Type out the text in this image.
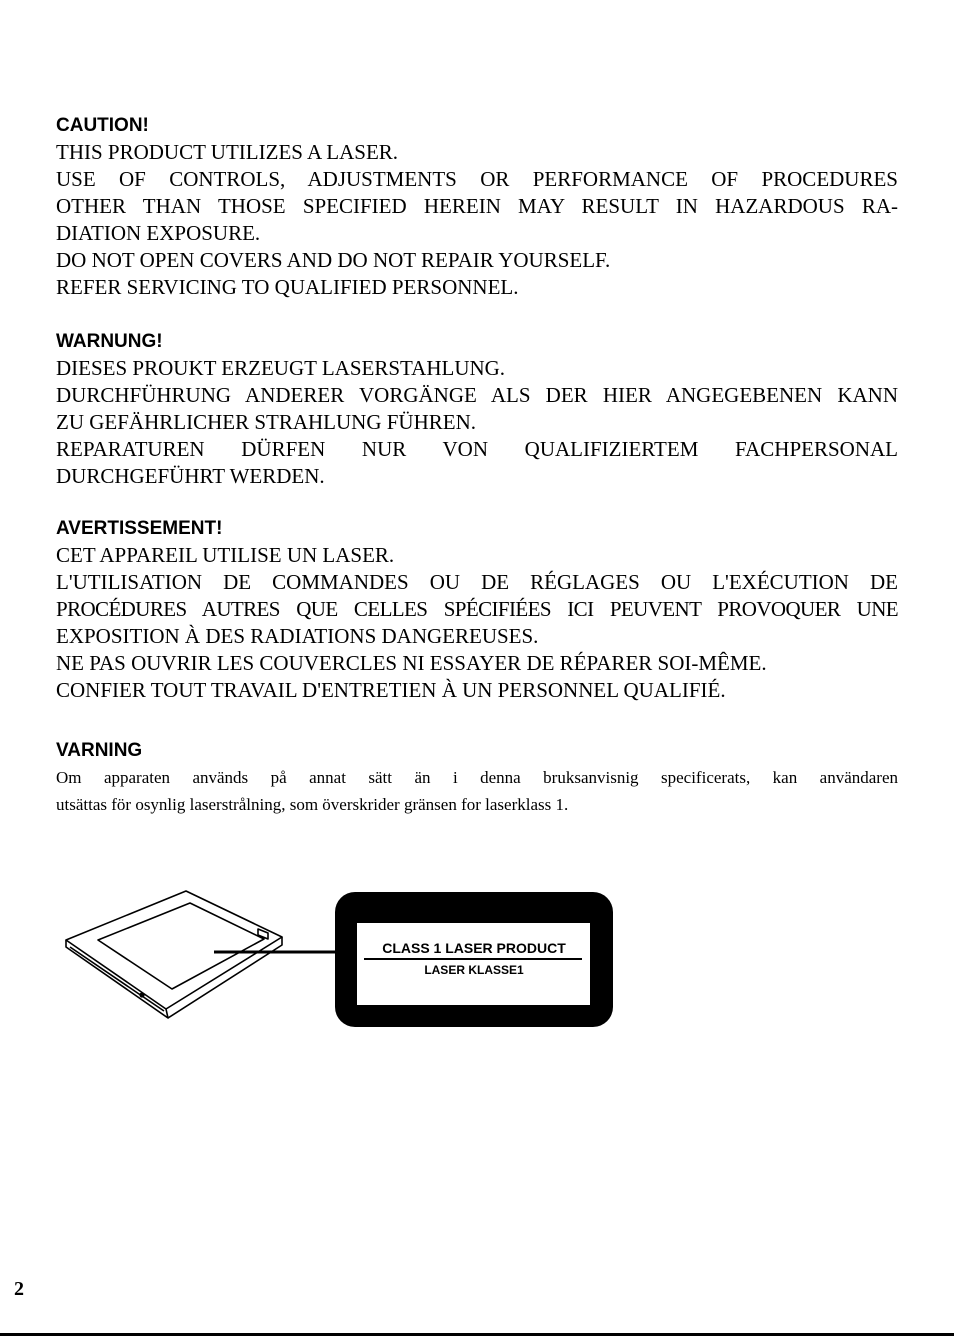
CAUTION!

THIS PRODUCT UTILIZES A LASER.

USE OF CONTROLS, ADJUSTMENTS OR PERFORMANCE OF PROCEDURES

OTHER THAN THOSE SPECIFIED HEREIN MAY RESULT IN HAZARDOUS RA-

DIATION EXPOSURE.

DO NOT OPEN COVERS AND DO NOT REPAIR YOURSELF.

REFER SERVICING TO QUALIFIED PERSONNEL.

WARNUNG!

DIESES PROUKT ERZEUGT LASERSTAHLUNG.

DURCHFÜHRUNG ANDERER VORGÄNGE ALS DER HIER ANGEGEBENEN KANN

ZU GEFÄHRLICHER STRAHLUNG FÜHREN.

REPARATUREN DÜRFEN NUR VON QUALIFIZIERTEM FACHPERSONAL

DURCHGEFÜHRT WERDEN.

AVERTISSEMENT!

CET APPAREIL UTILISE UN LASER.

L'UTILISATION DE COMMANDES OU DE RÉGLAGES OU L'EXÉCUTION DE

PROCÉDURES AUTRES QUE CELLES SPÉCIFIÉES ICI PEUVENT PROVOQUER UNE

EXPOSITION À DES RADIATIONS DANGEREUSES.

NE PAS OUVRIR LES COUVERCLES NI ESSAYER DE RÉPARER SOI-MÊME.

CONFIER TOUT TRAVAIL D'ENTRETIEN À UN PERSONNEL QUALIFIÉ.

VARNING

Om apparaten används på annat sätt än i denna bruksanvisnig specificerats, kan användaren

utsättas för osynlig laserstrålning, som överskrider gränsen for laserklass 1.

CLASS 1 LASER PRODUCT
LASER KLASSE1

2
